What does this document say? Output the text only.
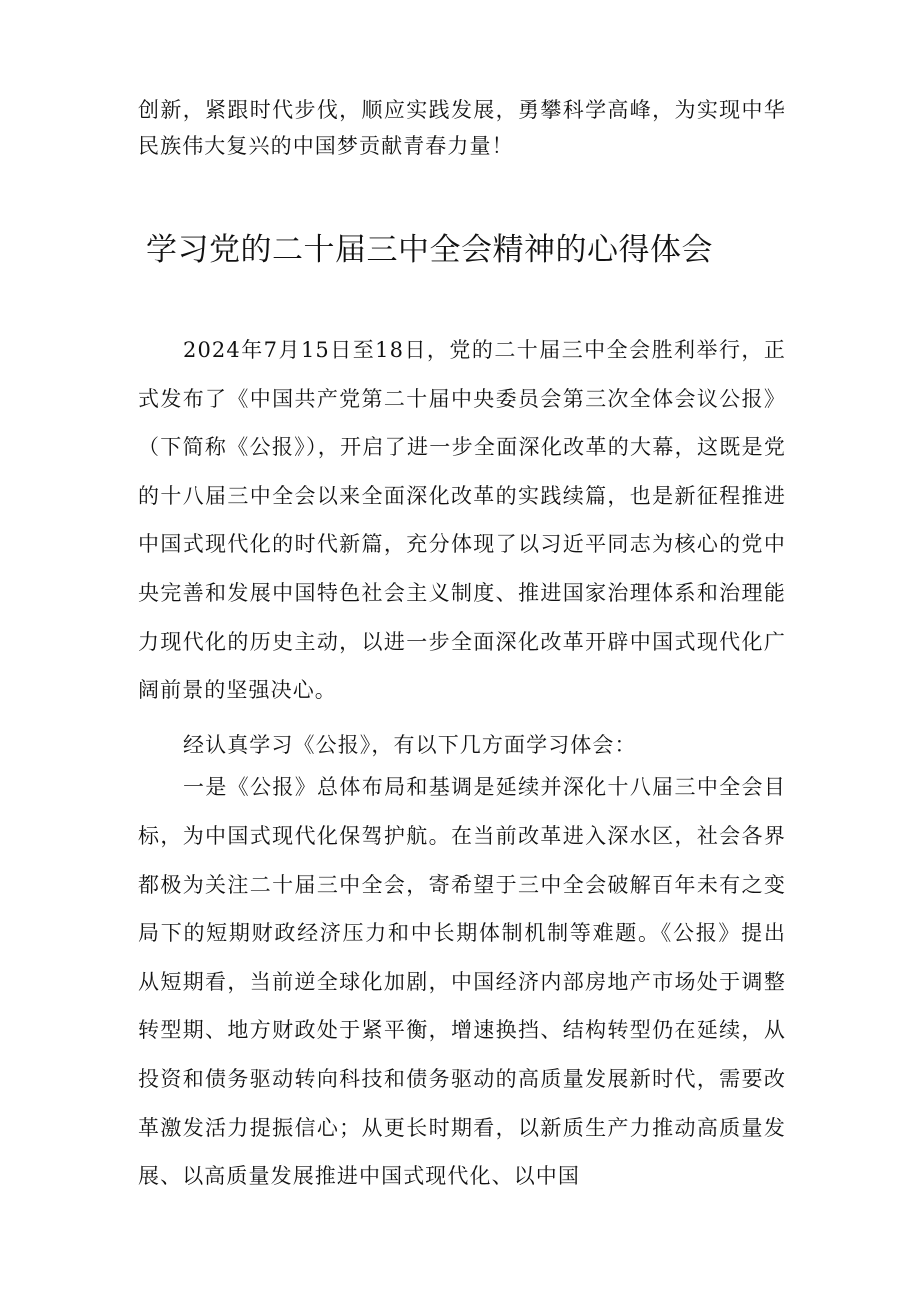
创新，紧跟时代步伐，顺应实践发展，勇攀科学高峰，为实现中华民族伟大复兴的中国梦贡献青春力量！
学习党的二十届三中全会精神的心得体会

2024年7月15日至18日，党的二十届三中全会胜利举行，正式发布了《中国共产党第二十届中央委员会第三次全体会议公报》（下简称《公报》），开启了进一步全面深化改革的大幕，这既是党的十八届三中全会以来全面深化改革的实践续篇，也是新征程推进中国式现代化的时代新篇，充分体现了以习近平同志为核心的党中央完善和发展中国特色社会主义制度、推进国家治理体系和治理能力现代化的历史主动，以进一步全面深化改革开辟中国式现代化广阔前景的坚强决心。

经认真学习《公报》，有以下几方面学习体会：

一是《公报》总体布局和基调是延续并深化十八届三中全会目标，为中国式现代化保驾护航。在当前改革进入深水区，社会各界都极为关注二十届三中全会，寄希望于三中全会破解百年未有之变局下的短期财政经济压力和中长期体制机制等难题。《公报》提出从短期看，当前逆全球化加剧，中国经济内部房地产市场处于调整转型期、地方财政处于紧平衡，增速换挡、结构转型仍在延续，从投资和债务驱动转向科技和债务驱动的高质量发展新时代，需要改革激发活力提振信心；从更长时期看，以新质生产力推动高质量发展、以高质量发展推进中国式现代化、以中国
